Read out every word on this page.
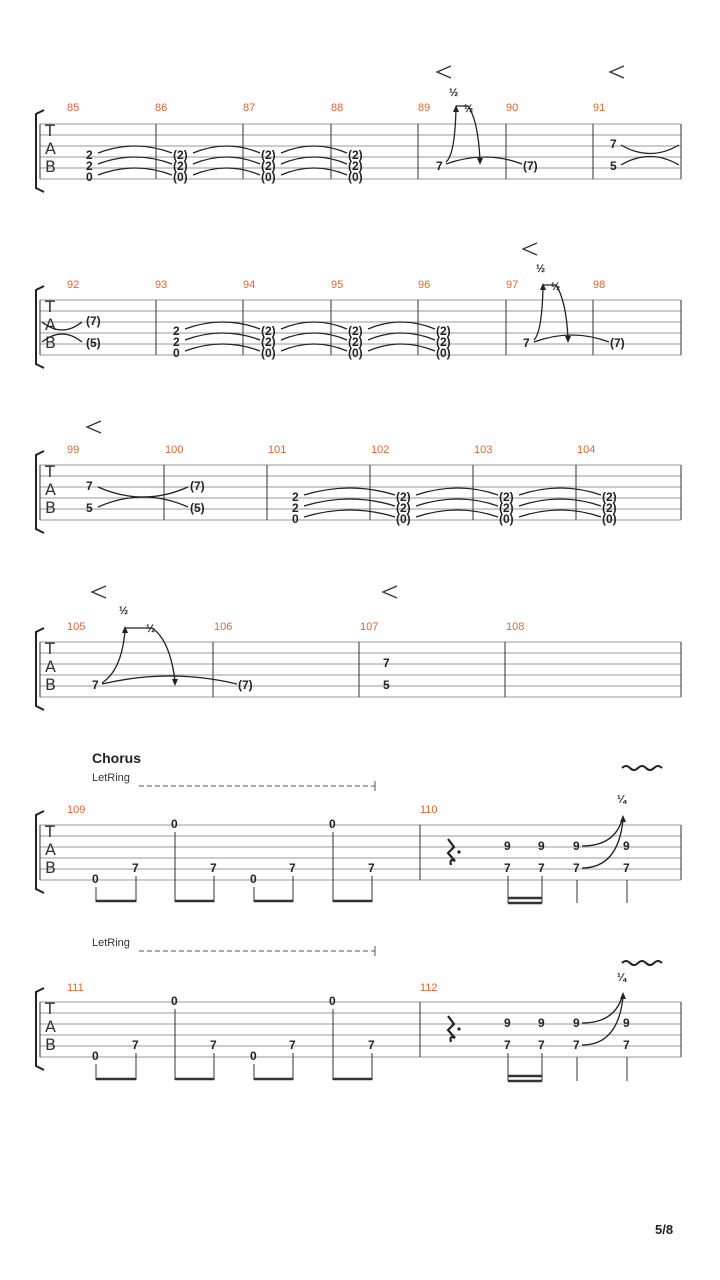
T
A
B
85	86	87	88	89	90	91
2
2
0
(2)
(2)
(0)
(2)
(2)
(0)
(2)
(2)
(0)
7
½
½
(7)
7
5
T
A
B
92	93	94	95	96	97	98
(7)
(5)
2
2
0
(2)
(2)
(0)
(2)
(2)
(0)
(2)
(2)
(0)
7
½
½
(7)
T
A
B
99	100	101	102	103	104
7
5
(7)
(5)
2
2
0
(2)
(2)
(0)
(2)
(2)
(0)
(2)
(2)
(0)
T
A
B
105	106	107	108
7
½
½
(7)
7
5
Chorus
LetRing
T
A
B
109	110
0
7
0
7
0
7
0
7
9
7
9
7
9
7
9
7
¼
LetRing
T
A
B
111	112
0
7
0
7
0
7
0
7
9
7
9
7
9
7
9
7
¼
5/8
